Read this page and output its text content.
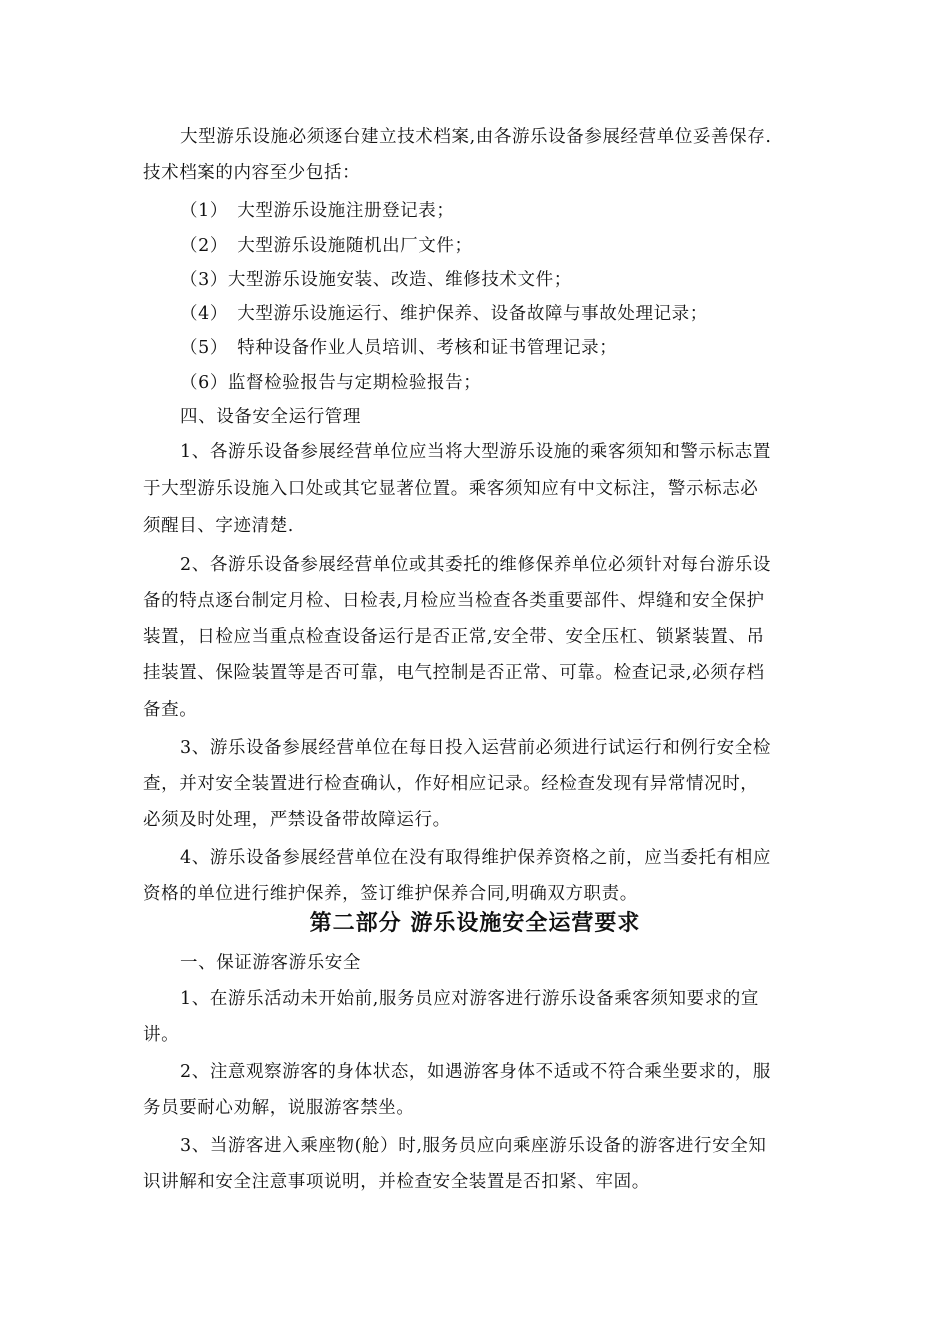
大型游乐设施必须逐台建立技术档案,由各游乐设备参展经营单位妥善保存.
技术档案的内容至少包括：
（1）　大型游乐设施注册登记表；
（2）　大型游乐设施随机出厂文件；
（3）大型游乐设施安装、改造、维修技术文件；
（4）　大型游乐设施运行、维护保养、设备故障与事故处理记录；
（5）　特种设备作业人员培训、考核和证书管理记录；
（6）监督检验报告与定期检验报告；
四、设备安全运行管理
1、各游乐设备参展经营单位应当将大型游乐设施的乘客须知和警示标志置
于大型游乐设施入口处或其它显著位置。乘客须知应有中文标注，警示标志必
须醒目、字迹清楚.
2、各游乐设备参展经营单位或其委托的维修保养单位必须针对每台游乐设
备的特点逐台制定月检、日检表,月检应当检查各类重要部件、焊缝和安全保护
装置，日检应当重点检查设备运行是否正常,安全带、安全压杠、锁紧装置、吊
挂装置、保险装置等是否可靠，电气控制是否正常、可靠。检查记录,必须存档
备查。
3、游乐设备参展经营单位在每日投入运营前必须进行试运行和例行安全检
查，并对安全装置进行检查确认，作好相应记录。经检查发现有异常情况时，
必须及时处理，严禁设备带故障运行。
4、游乐设备参展经营单位在没有取得维护保养资格之前，应当委托有相应
资格的单位进行维护保养，签订维护保养合同,明确双方职责。
第二部分 游乐设施安全运营要求
一、保证游客游乐安全
1、在游乐活动未开始前,服务员应对游客进行游乐设备乘客须知要求的宣
讲。
2、注意观察游客的身体状态，如遇游客身体不适或不符合乘坐要求的，服
务员要耐心劝解，说服游客禁坐。
3、当游客进入乘座物(舱）时,服务员应向乘座游乐设备的游客进行安全知
识讲解和安全注意事项说明，并检查安全装置是否扣紧、牢固。
